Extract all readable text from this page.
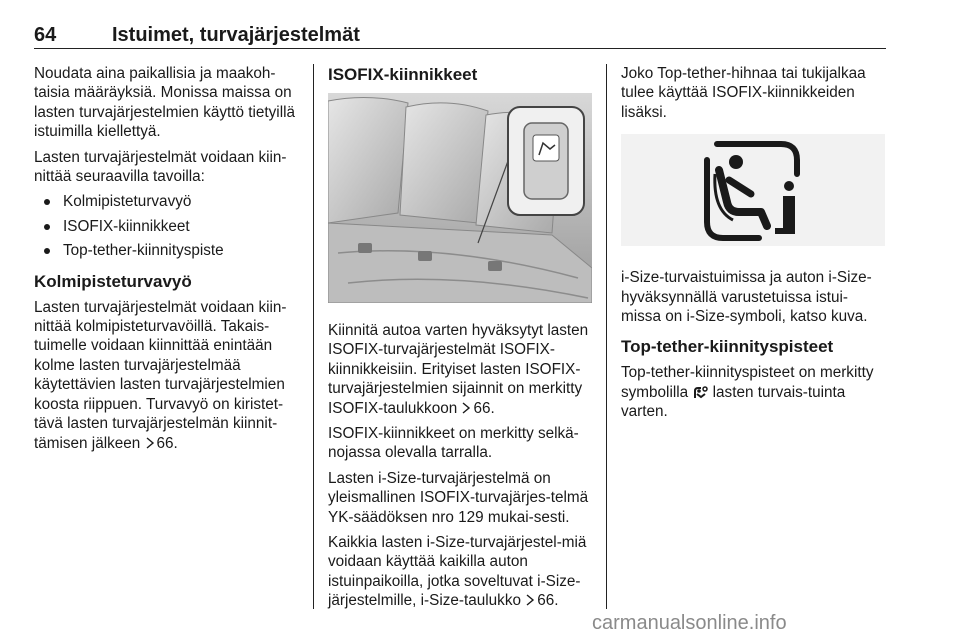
64	Istuimet, turvajärjestelmät

Noudata aina paikallisia ja maakoh-taisia määräyksiä. Monissa maissa on lasten turvajärjestelmien käyttö tietyillä istuimilla kiellettyä.

Lasten turvajärjestelmät voidaan kiin-nittää seuraavilla tavoilla:

Kolmipisteturvavyö
ISOFIX-kiinnikkeet
Top-tether-kiinnityspiste
Kolmipisteturvavyö

Lasten turvajärjestelmät voidaan kiin-nittää kolmipisteturvavöillä. Takais-tuimelle voidaan kiinnittää enintään kolme lasten turvajärjestelmää käytettävien lasten turvajärjestelmien koosta riippuen. Turvavyö on kiristet-tävä lasten turvajärjestelmän kiinnit-tämisen jälkeen 66.

ISOFIX-kiinnikkeet

Kiinnitä autoa varten hyväksytyt lasten ISOFIX-turvajärjestelmät ISOFIX-kiinnikkeisiin. Erityiset lasten ISOFIX-turvajärjestelmien sijainnit on merkitty ISOFIX-taulukkoon 66.

ISOFIX-kiinnikkeet on merkitty selkä-nojassa olevalla tarralla.

Lasten i-Size-turvajärjestelmä on yleismallinen ISOFIX-turvajärjes-telmä YK-säädöksen nro 129 mukai-sesti.

Kaikkia lasten i-Size-turvajärjestel-miä voidaan käyttää kaikilla auton istuinpaikoilla, jotka soveltuvat i-Size-järjestelmille, i-Size-taulukko 66.

Joko Top-tether-hihnaa tai tukijalkaa tulee käyttää ISOFIX-kiinnikkeiden lisäksi.

i-Size-turvaistuimissa ja auton i-Size-hyväksynnällä varustetuissa istui-missa on i-Size-symboli, katso kuva.

Top-tether-kiinnityspisteet

Top-tether-kiinnityspisteet on merkitty symbolilla lasten turvais-tuinta varten.

carmanualsonline.info
